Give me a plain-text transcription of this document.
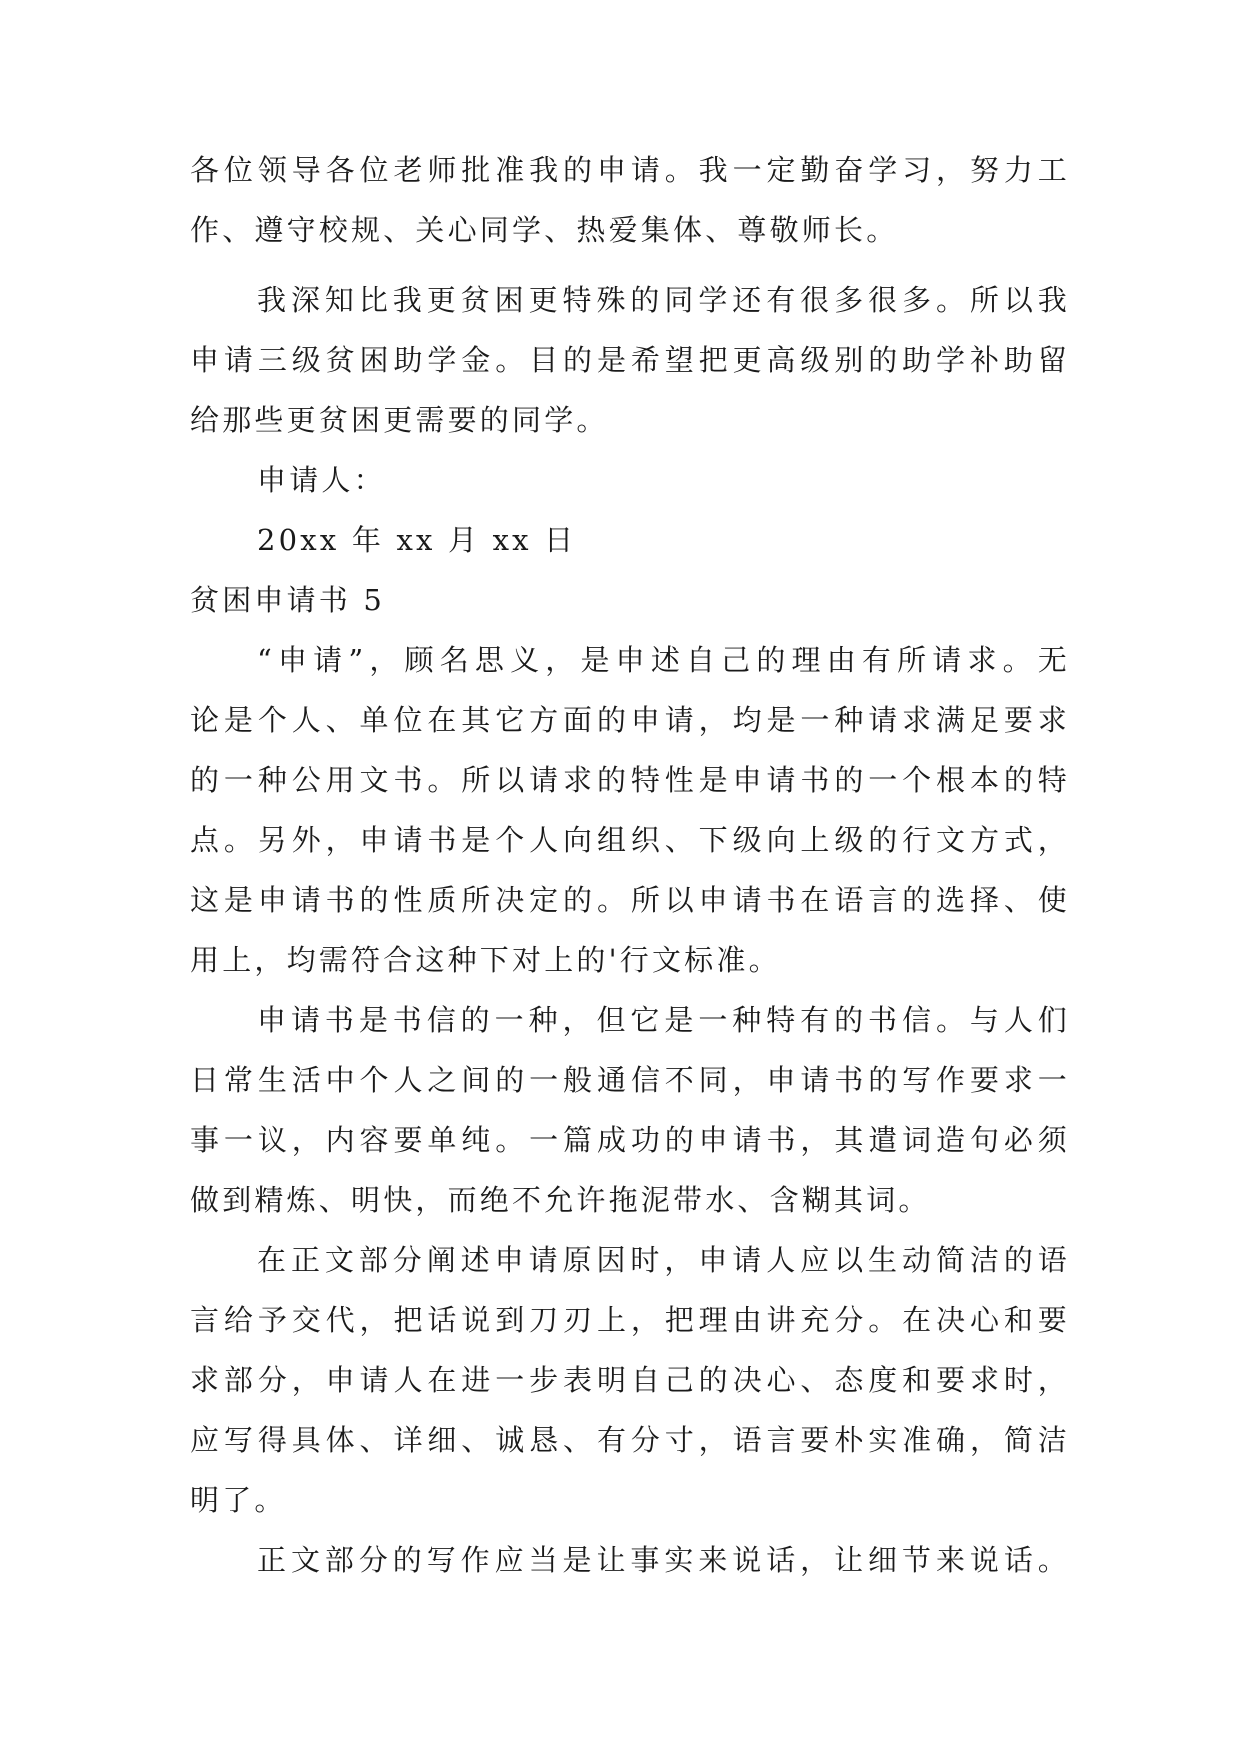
各位领导各位老师批准我的申请。我一定勤奋学习，努力工
作、遵守校规、关心同学、热爱集体、尊敬师长。
我深知比我更贫困更特殊的同学还有很多很多。所以我
申请三级贫困助学金。目的是希望把更高级别的助学补助留
给那些更贫困更需要的同学。
申请人：
20xx 年 xx 月 xx 日
贫困申请书 5
“申请”，顾名思义，是申述自己的理由有所请求。无
论是个人、单位在其它方面的申请，均是一种请求满足要求
的一种公用文书。所以请求的特性是申请书的一个根本的特
点。另外，申请书是个人向组织、下级向上级的行文方式，
这是申请书的性质所决定的。所以申请书在语言的选择、使
用上，均需符合这种下对上的'行文标准。
申请书是书信的一种，但它是一种特有的书信。与人们
日常生活中个人之间的一般通信不同，申请书的写作要求一
事一议，内容要单纯。一篇成功的申请书，其遣词造句必须
做到精炼、明快，而绝不允许拖泥带水、含糊其词。
在正文部分阐述申请原因时，申请人应以生动简洁的语
言给予交代，把话说到刀刃上，把理由讲充分。在决心和要
求部分，申请人在进一步表明自己的决心、态度和要求时，
应写得具体、详细、诚恳、有分寸，语言要朴实准确，简洁
明了。
正文部分的写作应当是让事实来说话，让细节来说话。
